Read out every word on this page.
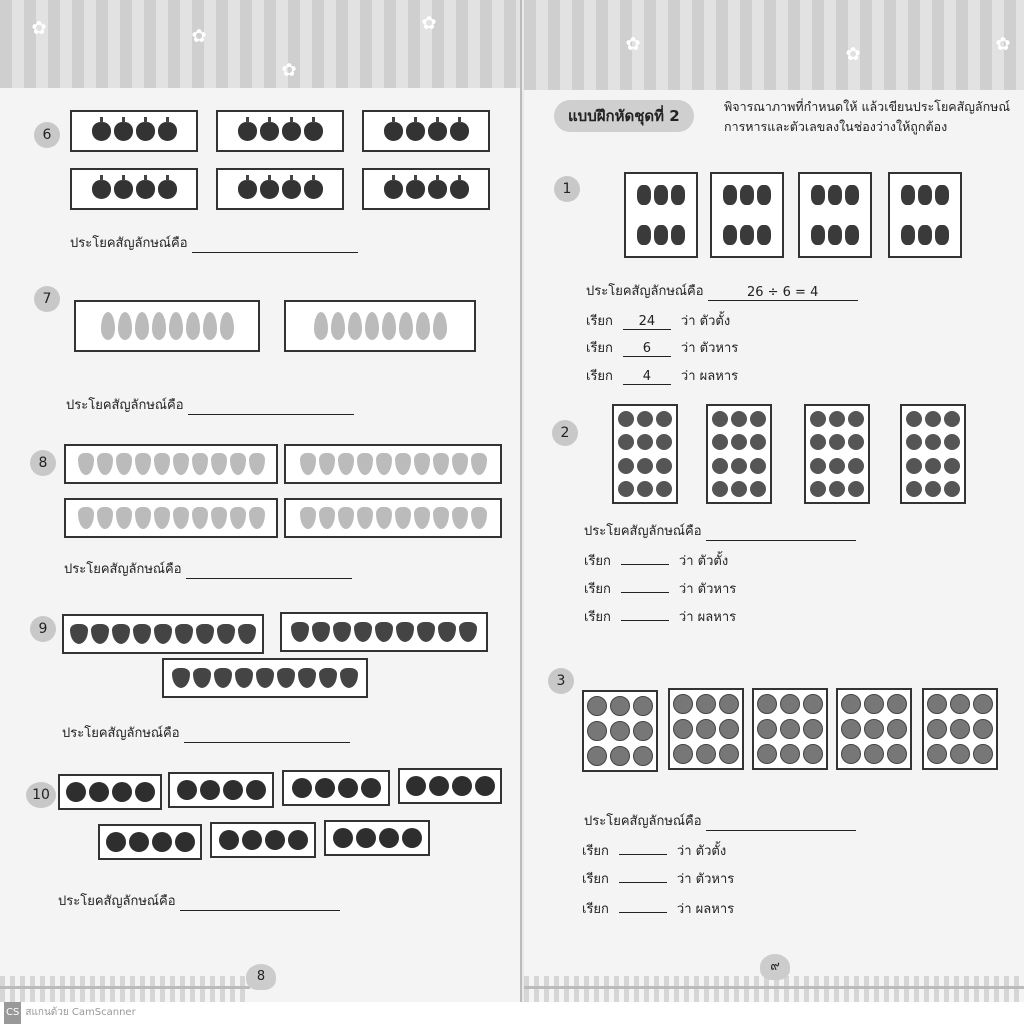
✿	✿
✿
✿
6
ประโยคสัญลักษณ์คือ
7
ประโยคสัญลักษณ์คือ
8
ประโยคสัญลักษณ์คือ
9
ประโยคสัญลักษณ์คือ
10
ประโยคสัญลักษณ์คือ
8
✿	✿	✿
แบบฝึกหัดชุดที่ 2
พิจารณาภาพที่กำหนดให้ แล้วเขียนประโยคสัญลักษณ์
การหารและตัวเลขลงในช่องว่างให้ถูกต้อง
1
ประโยคสัญลักษณ์คือ	26 ÷ 6 = 4
เรียก 24 ว่า ตัวตั้ง
เรียก 6 ว่า ตัวหาร
เรียก 4 ว่า ผลหาร
2
ประโยคสัญลักษณ์คือ
เรียก	ว่า ตัวตั้ง
เรียก	ว่า ตัวหาร
เรียก	ว่า ผลหาร
3
ประโยคสัญลักษณ์คือ
เรียก	ว่า ตัวตั้ง
เรียก	ว่า ตัวหาร
เรียก	ว่า ผลหาร
๙
CS สแกนด้วย CamScanner
